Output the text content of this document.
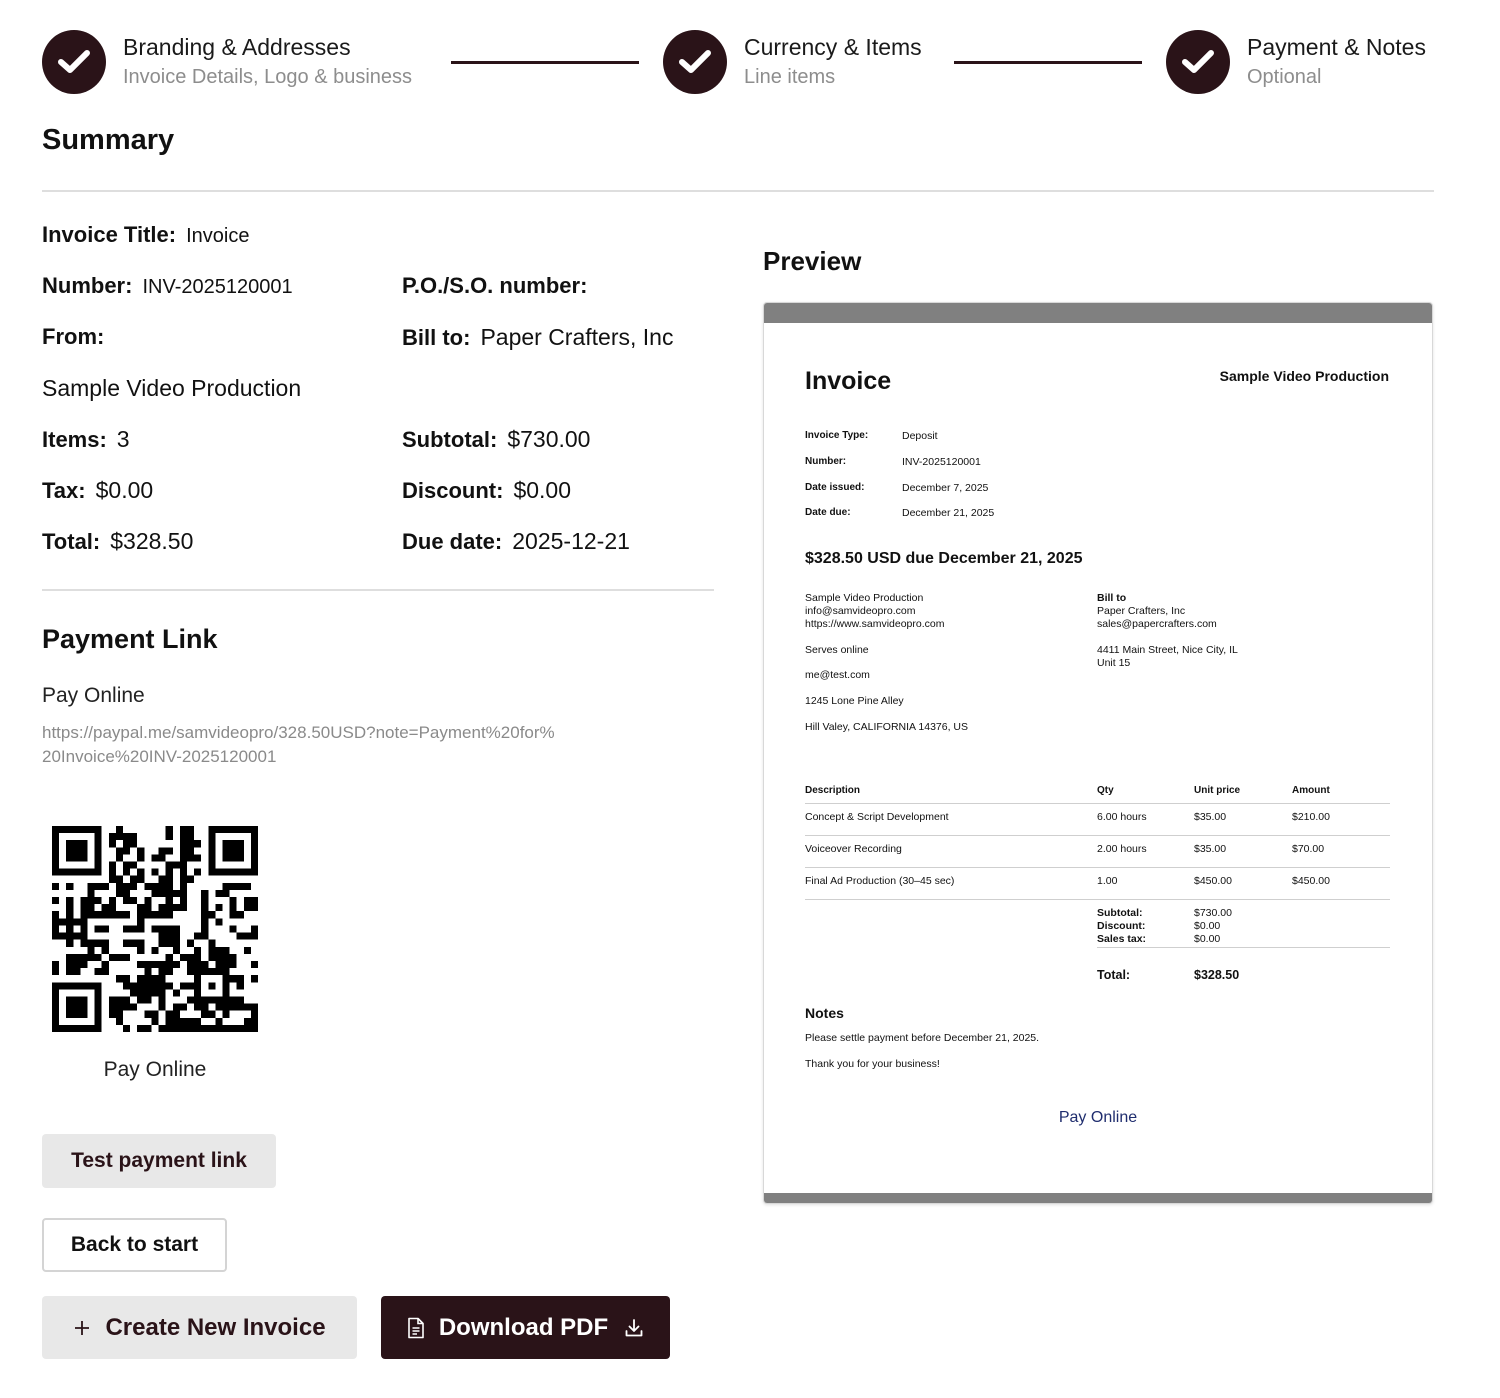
Branding & Addresses
Invoice Details, Logo & business
Currency & Items
Line items
Payment & Notes
Optional
Summary
Invoice Title: Invoice
Number: INV-2025120001	P.O./S.O. number:
From:	Bill to: Paper Crafters, Inc
Sample Video Production
Items: 3	Subtotal: $730.00
Tax: $0.00	Discount: $0.00
Total: $328.50	Due date: 2025-12-21
Payment Link
Pay Online
https://paypal.me/samvideopro/328.50USD?note=Payment%20for%20Invoice%20INV-2025120001
Pay Online
Test payment link
Back to start
Create New Invoice	Download PDF
Preview
Invoice	Sample Video Production
Invoice Type:	Deposit
Number:	INV-2025120001
Date issued:	December 7, 2025
Date due:	December 21, 2025
$328.50 USD due December 21, 2025
Sample Video Production
info@samvideopro.com
https://www.samvideopro.com
Serves online
me@test.com
1245 Lone Pine Alley
Hill Valey, CALIFORNIA 14376, US
Bill to
Paper Crafters, Inc
sales@papercrafters.com
4411 Main Street, Nice City, IL
Unit 15
Description	Qty	Unit price	Amount
Concept & Script Development	6.00 hours	$35.00	$210.00
Voiceover Recording	2.00 hours	$35.00	$70.00
Final Ad Production (30–45 sec)	1.00	$450.00	$450.00
Subtotal:	$730.00
Discount:	$0.00
Sales tax:	$0.00
Total:	$328.50
Notes
Please settle payment before December 21, 2025.
Thank you for your business!
Pay Online
